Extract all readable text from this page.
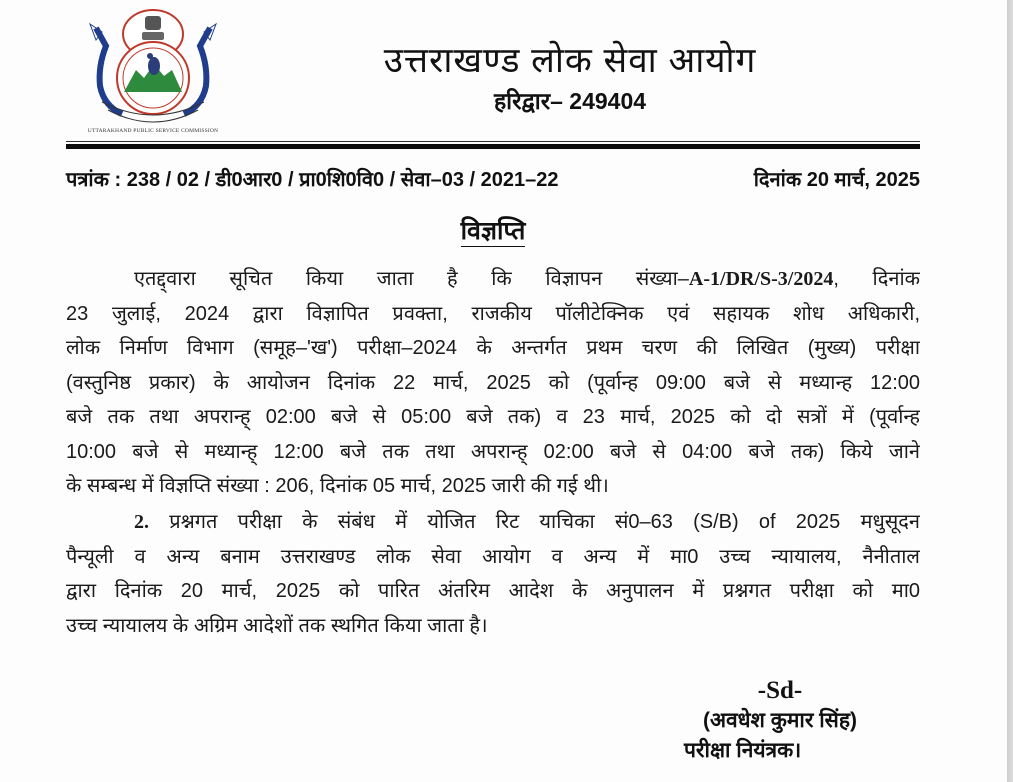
UTTARAKHAND PUBLIC SERVICE COMMISSION
उत्तराखण्ड लोक सेवा आयोग
हरिद्वार– 249404
पत्रांक : 238 / 02 / डी0आर0 / प्रा0शि0वि0 / सेवा–03 / 2021–22	दिनांक 20 मार्च, 2025
विज्ञप्ति
एतद्द्वारा सूचित किया जाता है कि विज्ञापन संख्या–A-1/DR/S-3/2024, दिनांक
23 जुलाई, 2024 द्वारा विज्ञापित प्रवक्ता, राजकीय पॉलीटेक्निक एवं सहायक शोध अधिकारी,
लोक निर्माण विभाग (समूह–'ख') परीक्षा–2024 के अन्तर्गत प्रथम चरण की लिखित (मुख्य) परीक्षा
(वस्तुनिष्ठ प्रकार) के आयोजन दिनांक 22 मार्च, 2025 को (पूर्वान्ह 09:00 बजे से मध्यान्ह 12:00
बजे तक तथा अपरान्ह् 02:00 बजे से 05:00 बजे तक) व 23 मार्च, 2025 को दो सत्रों में (पूर्वान्ह
10:00 बजे से मध्यान्ह् 12:00 बजे तक तथा अपरान्ह् 02:00 बजे से 04:00 बजे तक) किये जाने
के सम्बन्ध में विज्ञप्ति संख्या : 206, दिनांक 05 मार्च, 2025 जारी की गई थी।
2. प्रश्नगत परीक्षा के संबंध में योजित रिट याचिका सं0–63 (S/B) of 2025 मधुसूदन
पैन्यूली व अन्य बनाम उत्तराखण्ड लोक सेवा आयोग व अन्य में मा0 उच्च न्यायालय, नैनीताल
द्वारा दिनांक 20 मार्च, 2025 को पारित अंतरिम आदेश के अनुपालन में प्रश्नगत परीक्षा को मा0
उच्च न्यायालय के अग्रिम आदेशों तक स्थगित किया जाता है।
-Sd-
(अवधेश कुमार सिंह)
परीक्षा नियंत्रक।
